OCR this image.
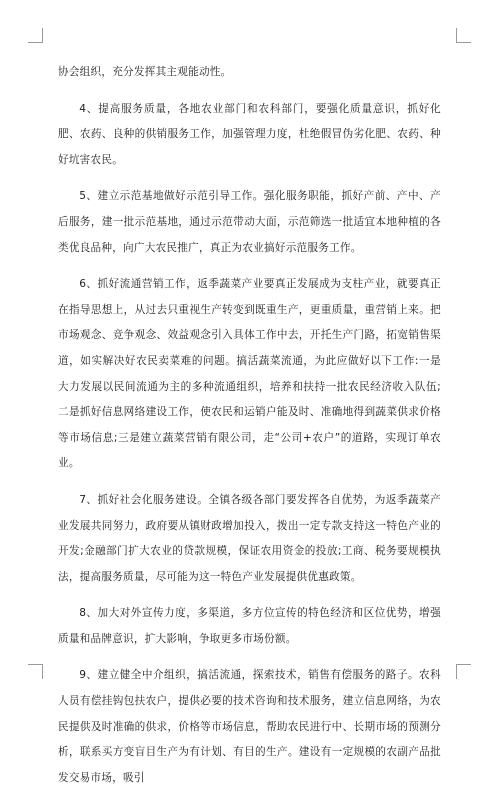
协会组织，充分发挥其主观能动性。

4、提高服务质量，各地农业部门和农科部门，要强化质量意识，抓好化肥、农药、良种的供销服务工作，加强管理力度，杜绝假冒伪劣化肥、农药、种好坑害农民。

5、建立示范基地做好示范引导工作。强化服务职能，抓好产前、产中、产后服务，建一批示范基地，通过示范带动大面，示范筛选一批适宜本地种植的各类优良品种，向广大农民推广，真正为农业搞好示范服务工作。

6、抓好流通营销工作，返季蔬菜产业要真正发展成为支柱产业，就要真正在指导思想上，从过去只重视生产转变到既重生产，更重质量，重营销上来。把市场观念、竞争观念、效益观念引入具体工作中去，开托生产门路，拓宽销售渠道，如实解决好农民卖菜难的问题。搞活蔬菜流通，为此应做好以下工作:一是大力发展以民间流通为主的多种流通组织，培养和扶持一批农民经济收入队伍;二是抓好信息网络建设工作，使农民和运销户能及时、准确地得到蔬菜供求价格等市场信息;三是建立蔬菜营销有限公司，走“公司+农户”的道路，实现订单农业。

7、抓好社会化服务建设。全镇各级各部门要发挥各自优势，为返季蔬菜产业发展共同努力，政府要从镇财政增加投入，拨出一定专款支持这一特色产业的开发;金融部门扩大农业的贷款规模，保证农用资金的投放;工商、税务要规模执法，提高服务质量，尽可能为这一特色产业发展提供优惠政策。

8、加大对外宣传力度，多渠道，多方位宣传的特色经济和区位优势，增强质量和品牌意识，扩大影响，争取更多市场份额。

9、建立健全中介组织，搞活流通，探索技术，销售有偿服务的路子。农科人员有偿挂钩包扶农户，提供必要的技术咨询和技术服务，建立信息网络，为农民提供及时准确的供求，价格等市场信息，帮助农民进行中、长期市场的预测分析，联系买方变盲目生产为有计划、有目的生产。建设有一定规模的农副产品批发交易市场，吸引
